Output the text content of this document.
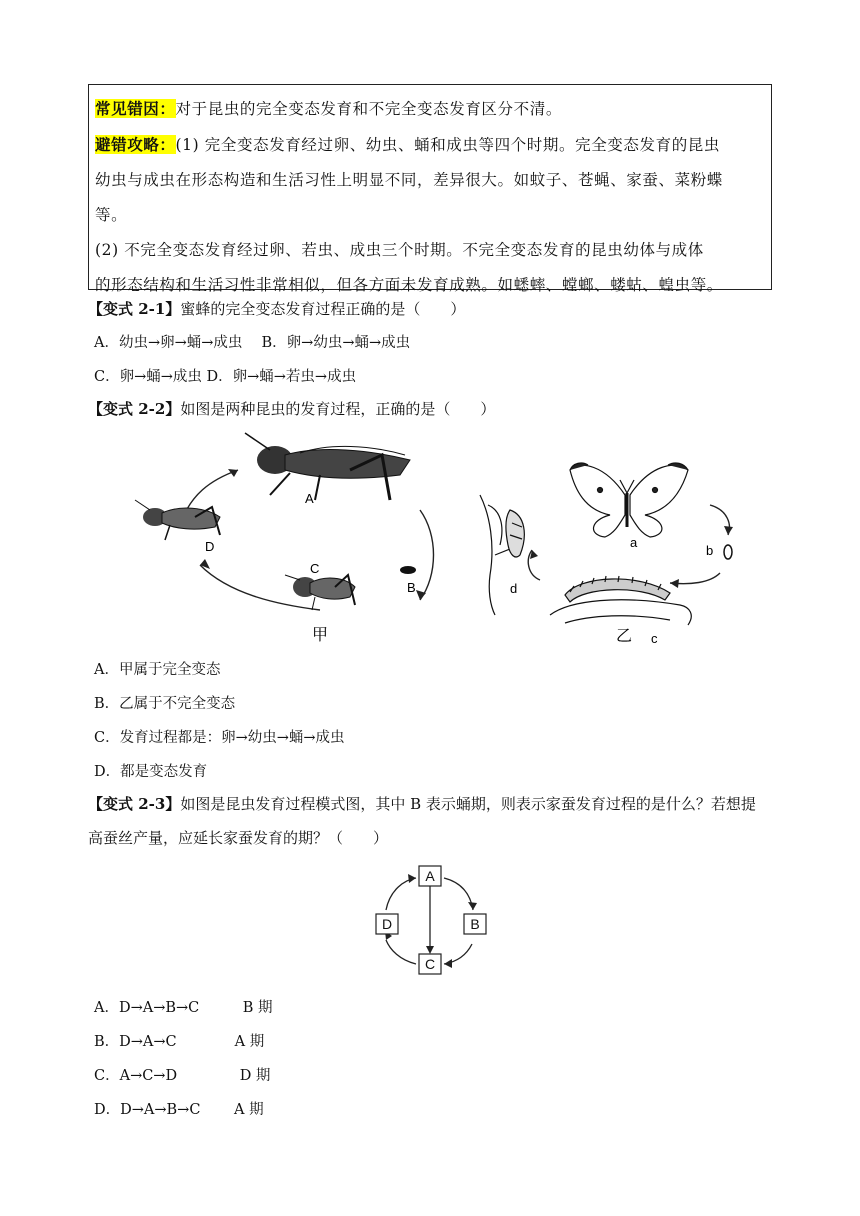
常见错因：对于昆虫的完全变态发育和不完全变态发育区分不清。

避错攻略：(1) 完全变态发育经过卵、幼虫、蛹和成虫等四个时期。完全变态发育的昆虫

幼虫与成虫在形态构造和生活习性上明显不同，差异很大。如蚊子、苍蝇、家蚕、菜粉蝶

等。

(2) 不完全变态发育经过卵、若虫、成虫三个时期。不完全变态发育的昆虫幼体与成体

的形态结构和生活习性非常相似，但各方面未发育成熟。如蟋蟀、螳螂、蝼蛄、蝗虫等。

【变式 2-1】蜜蜂的完全变态发育过程正确的是（　　）
A．幼虫→卵→蛹→成虫　 B．卵→幼虫→蛹→成虫
C．卵→蛹→成虫 D．卵→蛹→若虫→成虫
【变式 2-2】如图是两种昆虫的发育过程，正确的是（　　）
A
D
C
B
甲
d
a
b
c
乙
A．甲属于完全变态
B．乙属于不完全变态
C．发育过程都是：卵→幼虫→蛹→成虫
D．都是变态发育
【变式 2-3】如图是昆虫发育过程模式图，其中 B 表示蛹期，则表示家蚕发育过程的是什么？若想提
高蚕丝产量，应延长家蚕发育的期？（　　）
A
B
C
D
A．D→A→B→C　　　B 期
B．D→A→C　　　　A 期
C．A→C→D　　　　 D 期
D．D→A→B→C　　 A 期
